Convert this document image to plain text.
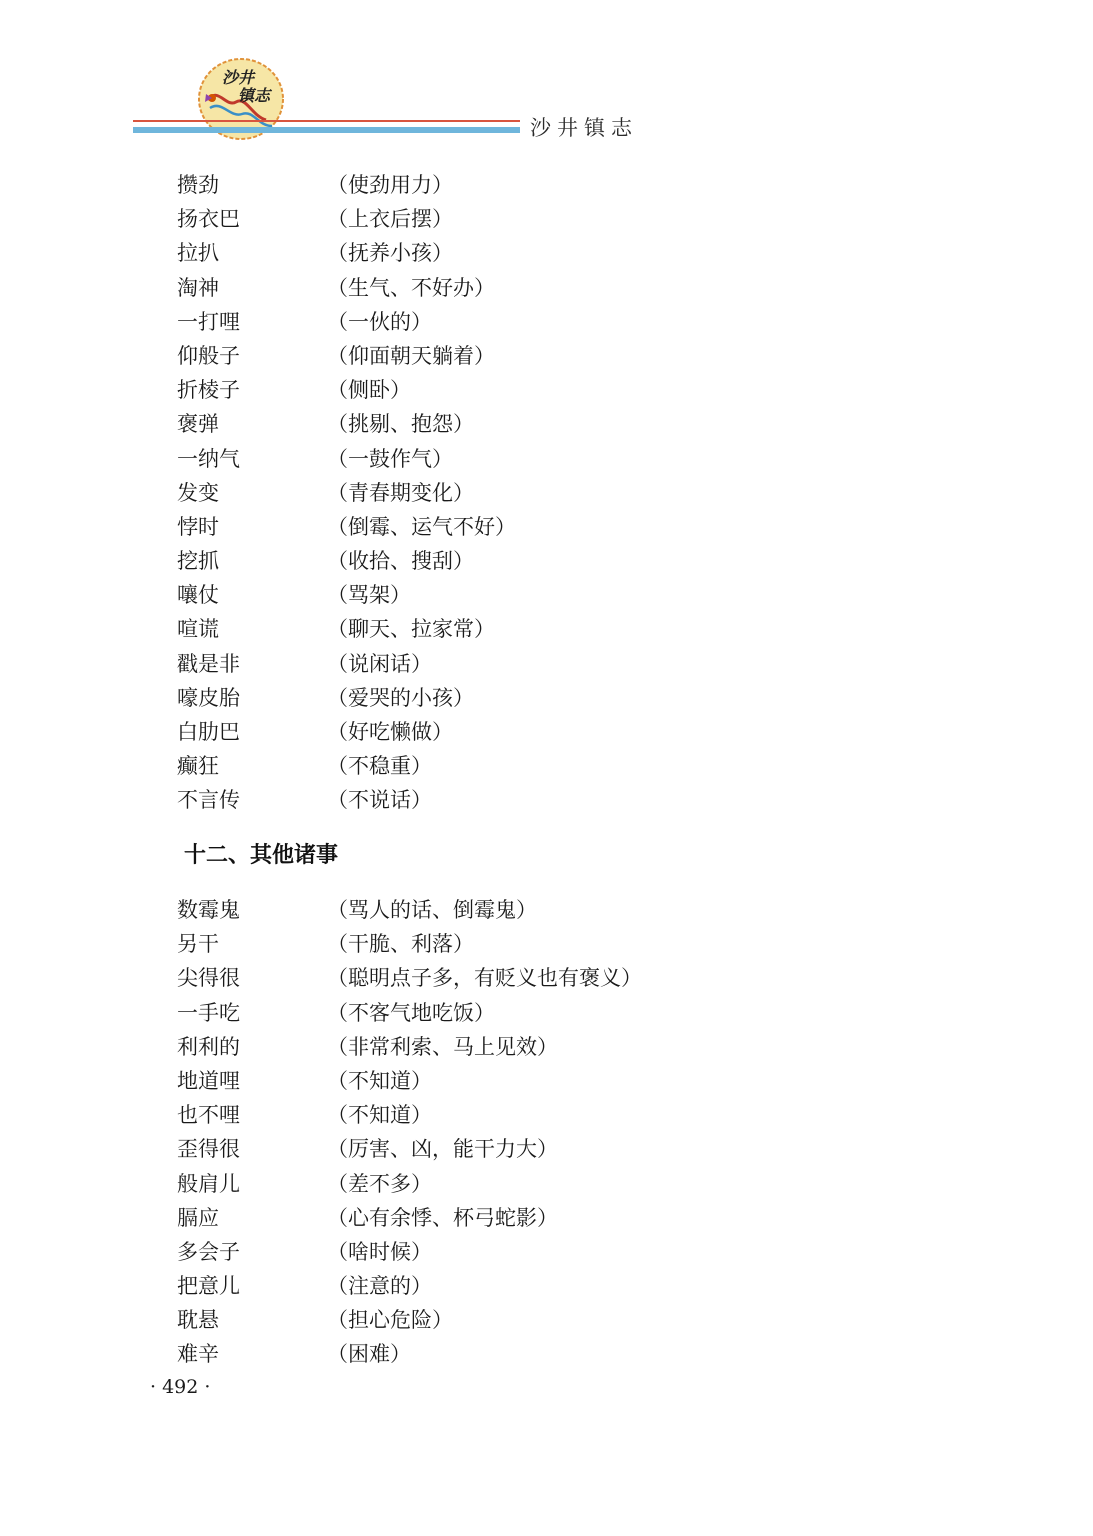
沙井
镇志
沙井镇志
攒劲	（使劲用力）
扬衣巴	（上衣后摆）
拉扒	（抚养小孩）
淘神	（生气、不好办）
一打哩	（一伙的）
仰般子	（仰面朝天躺着）
折棱子	（侧卧）
褒弹	（挑剔、抱怨）
一纳气	（一鼓作气）
发变	（青春期变化）
悖时	（倒霉、运气不好）
挖抓	（收拾、搜刮）
嚷仗	（骂架）
喧谎	（聊天、拉家常）
戳是非	（说闲话）
嚎皮胎	（爱哭的小孩）
白肋巴	（好吃懒做）
癫狂	（不稳重）
不言传	（不说话）
十二、其他诸事
数霉鬼	（骂人的话、倒霉鬼）
另干	（干脆、利落）
尖得很	（聪明点子多，有贬义也有褒义）
一手吃	（不客气地吃饭）
利利的	（非常利索、马上见效）
地道哩	（不知道）
也不哩	（不知道）
歪得很	（厉害、凶，能干力大）
般肩儿	（差不多）
膈应	（心有余悸、杯弓蛇影）
多会子	（啥时候）
把意儿	（注意的）
耽悬	（担心危险）
难辛	（困难）
· 492 ·
